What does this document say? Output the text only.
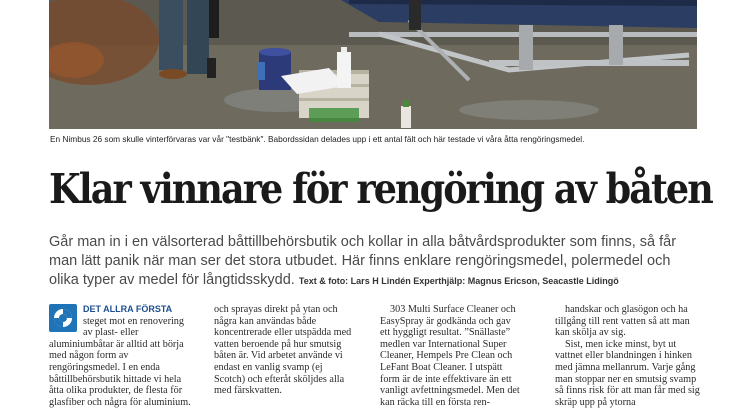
En Nimbus 26 som skulle vinterförvaras var vår "testbänk". Babordssidan delades upp i ett antal fält och här testade vi våra åtta rengöringsmedel.
Klar vinnare för rengöring av båten
Går man in i en välsorterad båttillbehörsbutik och kollar in alla båtvårdsprodukter som finns, så får man lätt panik när man ser det stora utbudet. Här finns enklare rengöringsmedel, polermedel och olika typer av medel för långtidsskydd. Text & foto: Lars H Lindén Experthjälp: Magnus Ericson, Seacastle Lidingö

DET ALLRA FÖRSTA steget mot en renovering av plast- eller aluminiumbåtar är alltid att börja med någon form av rengöringsmedel. I en enda båttillbehörsbutik hittade vi hela åtta olika produkter, de flesta för glasfiber och några för aluminium.

och sprayas direkt på ytan och några kan användas både koncentrerade eller utspädda med vatten beroende på hur smutsig båten är. Vid arbetet använde vi endast en vanlig svamp (ej Scotch) och efteråt sköljdes alla med färskvatten.

303 Multi Surface Cleaner och EasySpray är godkända och gav ett hyggligt resultat. ”Snällaste” medlen var International Super Cleaner, Hempels Pre Clean och LeFant Boat Cleaner. I utspätt form är de inte effektivare än ett vanligt avfettningsmedel. Men det kan räcka till en första ren-

handskar och glasögon och ha tillgång till rent vatten så att man kan skölja av sig.

Sist, men icke minst, byt ut vattnet eller blandningen i hinken med jämna mellanrum. Varje gång man stoppar ner en smutsig svamp så finns risk för att man får med sig skräp upp på ytorna
